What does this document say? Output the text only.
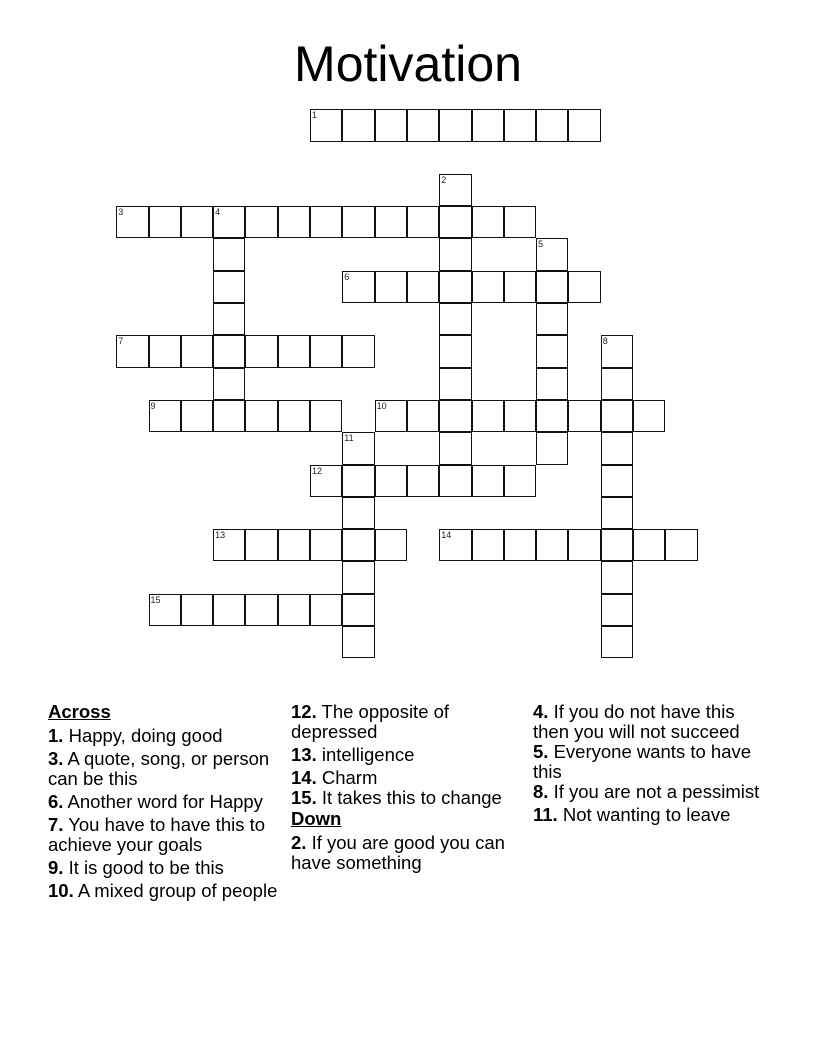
Motivation
1
2
3	4
5
6
7	8
9	10
11
12
13	14
15
Across
1. Happy, doing good
3. A quote, song, or person can be this
6. Another word for Happy
7. You have to have this to achieve your goals
9. It is good to be this
10. A mixed group of people
12. The opposite of depressed
13. intelligence
14. Charm
15. It takes this to change
Down
2. If you are good you can have something
4. If you do not have this then you will not succeed
5. Everyone wants to have this
8. If you are not a pessimist
11. Not wanting to leave
